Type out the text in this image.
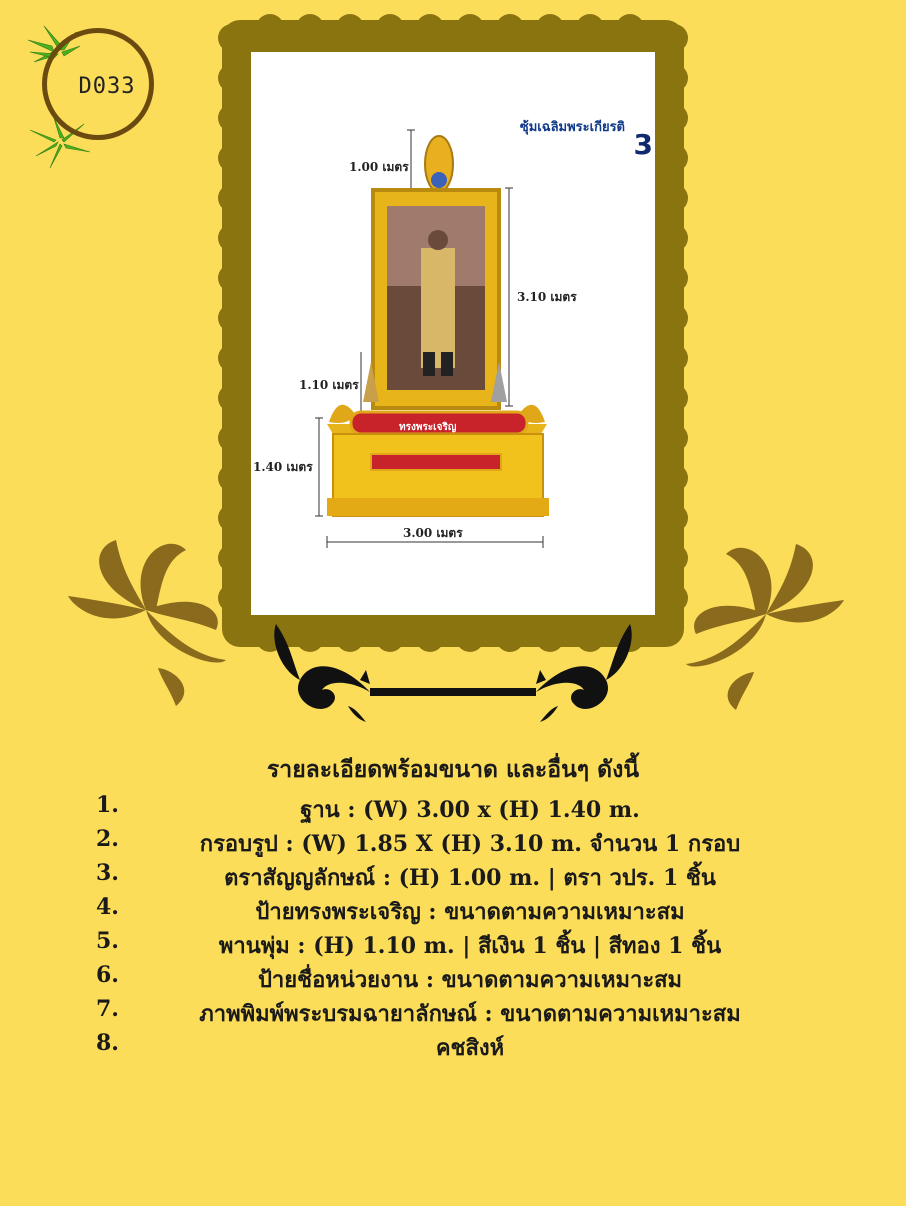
D033
ซุ้มเฉลิมพระเกียรติ
3
1.00 เมตร
3.10 เมตร
1.10 เมตร
1.40 เมตร
3.00 เมตร
ทรงพระเจริญ
รายละเอียดพร้อมขนาด และอื่นๆ ดังนี้
1.	ฐาน : (W) 3.00 x (H) 1.40 m.
2.	กรอบรูป : (W) 1.85 X (H) 3.10 m. จำนวน 1 กรอบ
3.	ตราสัญญลักษณ์ : (H) 1.00 m. | ตรา วปร. 1 ชิ้น
4.	ป้ายทรงพระเจริญ : ขนาดตามความเหมาะสม
5.	พานพุ่ม : (H) 1.10 m. | สีเงิน 1 ชิ้น | สีทอง 1 ชิ้น
6.	ป้ายชื่อหน่วยงาน : ขนาดตามความเหมาะสม
7.	ภาพพิมพ์พระบรมฉายาลักษณ์ : ขนาดตามความเหมาะสม
8.	คชสิงห์
